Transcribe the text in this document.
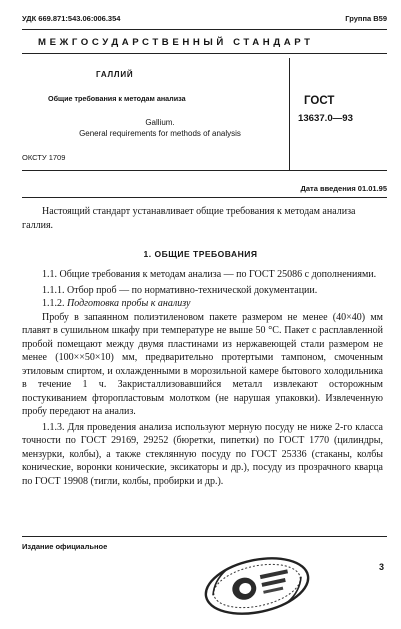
УДК 669.871:543.06:006.354	Группа В59
МЕЖГОСУДАРСТВЕННЫЙ СТАНДАРТ
ГАЛЛИЙ
Общие требования к методам анализа
Gallium.
General requirements for methods of analysis
ГОСТ
13637.0—93
ОКСТУ 1709
Дата введения 01.01.95
Настоящий стандарт устанавливает общие требования к методам анализа галлия.
1. ОБЩИЕ ТРЕБОВАНИЯ

1.1. Общие требования к методам анализа — по ГОСТ 25086 с дополнениями.

1.1.1. Отбор проб — по нормативно-технической документации.

1.1.2. Подготовка пробы к анализу

Пробу в запаянном полиэтиленовом пакете размером не менее (40×40) мм плавят в сушильном шкафу при температуре не выше 50 °С. Пакет с расплавленной пробой помещают между двумя пластинами из нержавеющей стали размером не менее (100××50×10) мм, предварительно протертыми тампоном, смоченным этиловым спиртом, и охлажденными в морозильной камере бытового холодильника в течение 1 ч. Закристаллизовавшийся металл извлекают осторожным постукиванием фторопластовым молотком (не нарушая упаковки). Извлеченную пробу передают на анализ.

1.1.3. Для проведения анализа используют мерную посуду не ниже 2-го класса точности по ГОСТ 29169, 29252 (бюретки, пипетки) по ГОСТ 1770 (цилиндры, мензурки, колбы), а также стеклянную посуду по ГОСТ 25336 (стаканы, колбы конические, воронки конические, эксикаторы и др.), посуду из прозрачного кварца по ГОСТ 19908 (тигли, колбы, пробирки и др.).

Издание официальное
3
